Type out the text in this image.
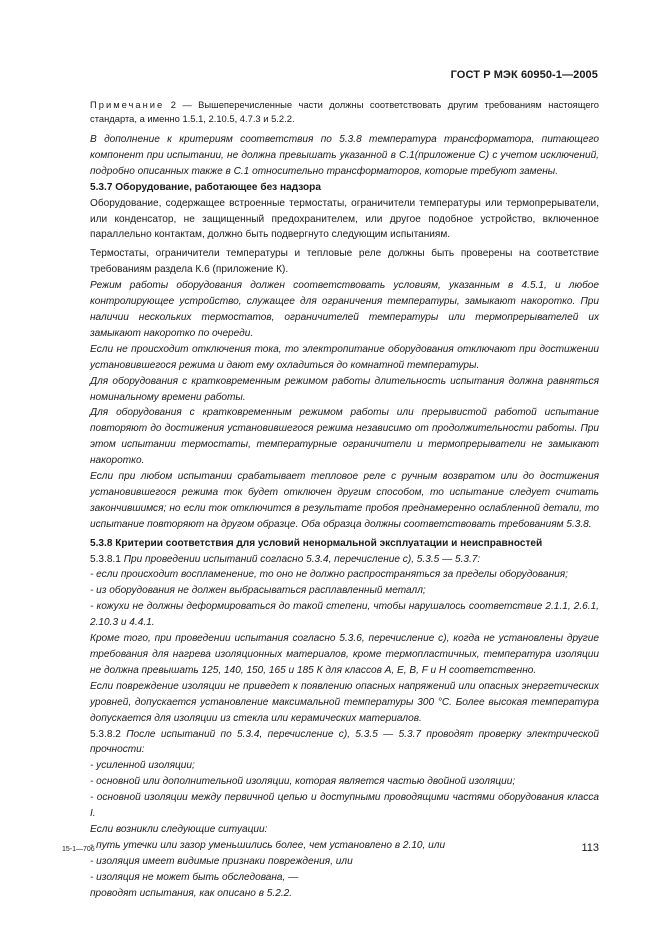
ГОСТ Р МЭК 60950-1—2005

Примечание 2 — Вышеперечисленные части должны соответствовать другим требованиям настоящего стандарта, а именно 1.5.1, 2.10.5, 4.7.3 и 5.2.2.

В дополнение к критериям соответствия по 5.3.8 температура трансформатора, питающего компонент при испытании, не должна превышать указанной в С.1(приложение С) с учетом исключений, подробно описанных также в С.1 относительно трансформаторов, которые требуют замены.

5.3.7 Оборудование, работающее без надзора

Оборудование, содержащее встроенные термостаты, ограничители температуры или термопрерыватели, или конденсатор, не защищенный предохранителем, или другое подобное устройство, включенное параллельно контактам, должно быть подвергнуто следующим испытаниям.

Термостаты, ограничители температуры и тепловые реле должны быть проверены на соответствие требованиям раздела К.6 (приложение К).

Режим работы оборудования должен соответствовать условиям, указанным в 4.5.1, и любое контролирующее устройство, служащее для ограничения температуры, замыкают накоротко. При наличии нескольких термостатов, ограничителей температуры или термопрерывателей их замыкают накоротко по очереди.

Если не происходит отключения тока, то электропитание оборудования отключают при достижении установившегося режима и дают ему охладиться до комнатной температуры.

Для оборудования с кратковременным режимом работы длительность испытания должна равняться номинальному времени работы.

Для оборудования с кратковременным режимом работы или прерывистой работой испытание повторяют до достижения установившегося режима независимо от продолжительности работы. При этом испытании термостаты, температурные ограничители и термопрерыватели не замыкают накоротко.

Если при любом испытании срабатывает тепловое реле с ручным возвратом или до достижения установившегося режима ток будет отключен другим способом, то испытание следует считать закончившимся; но если ток отключится в результате пробоя преднамеренно ослабленной детали, то испытание повторяют на другом образце. Оба образца должны соответствовать требованиям 5.3.8.

5.3.8 Критерии соответствия для условий ненормальной эксплуатации и неисправностей

5.3.8.1 При проведении испытаний согласно 5.3.4, перечисление с), 5.3.5 — 5.3.7:

- если происходит воспламенение, то оно не должно распространяться за пределы оборудования;

- из оборудования не должен выбрасываться расплавленный металл;

- кожухи не должны деформироваться до такой степени, чтобы нарушалось соответствие 2.1.1, 2.6.1, 2.10.3 и 4.4.1.

Кроме того, при проведении испытания согласно 5.3.6, перечисление с), когда не установлены другие требования для нагрева изоляционных материалов, кроме термопластичных, температура изоляции не должна превышать 125, 140, 150, 165 и 185 К для классов А, Е, В, F и Н соответственно.

Если повреждение изоляции не приведет к появлению опасных напряжений или опасных энергетических уровней, допускается установление максимальной температуры 300 °С. Более высокая температура допускается для изоляции из стекла или керамических материалов.

5.3.8.2 После испытаний по 5.3.4, перечисление с), 5.3.5 — 5.3.7 проводят проверку электрической прочности:

- усиленной изоляции;

- основной или дополнительной изоляции, которая является частью двойной изоляции;

- основной изоляции между первичной цепью и доступными проводящими частями оборудования класса I.

Если возникли следующие ситуации:

- путь утечки или зазор уменьшились более, чем установлено в 2.10, или

- изоляция имеет видимые признаки повреждения, или

- изоляция не может быть обследована, —

проводят испытания, как описано в 5.2.2.

15-1—706	113
